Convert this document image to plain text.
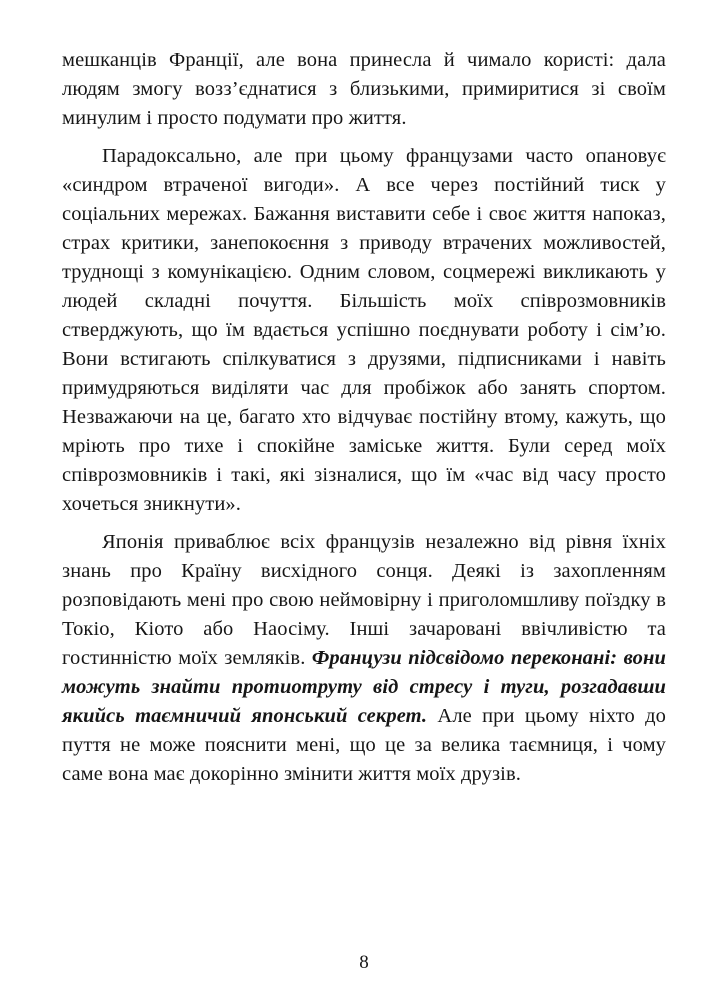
мешканців Франції, але вона принесла й чимало користі: дала людям змогу возз’єднатися з близькими, примиритися зі своїм минулим і просто подумати про життя.

Парадоксально, але при цьому французами часто опановує «синдром втраченої вигоди». А все через постійний тиск у соціальних мережах. Бажання виставити себе і своє життя напоказ, страх критики, занепокоєння з приводу втрачених можливостей, труднощі з комунікацією. Одним словом, соцмережі викликають у людей складні почуття. Більшість моїх співрозмовників стверджують, що їм вдається успішно поєднувати роботу і сім’ю. Вони встигають спілкуватися з друзями, підписниками і навіть примудряються виділяти час для пробіжок або занять спортом. Незважаючи на це, багато хто відчуває постійну втому, кажуть, що мріють про тихе і спокійне заміське життя. Були серед моїх співрозмовників і такі, які зізналися, що їм «час від часу просто хочеться зникнути».

Японія приваблює всіх французів незалежно від рівня їхніх знань про Країну висхідного сонця. Деякі із захопленням розповідають мені про свою неймовірну і приголомшливу поїздку в Токіо, Кіото або Наосіму. Інші зачаровані ввічливістю та гостинністю моїх земляків. Французи підсвідомо переконані: вони можуть знайти протиотруту від стресу і туги, розгадавши якийсь таємничий японський секрет. Але при цьому ніхто до пуття не може пояснити мені, що це за велика таємниця, і чому саме вона має докорінно змінити життя моїх друзів.

8
